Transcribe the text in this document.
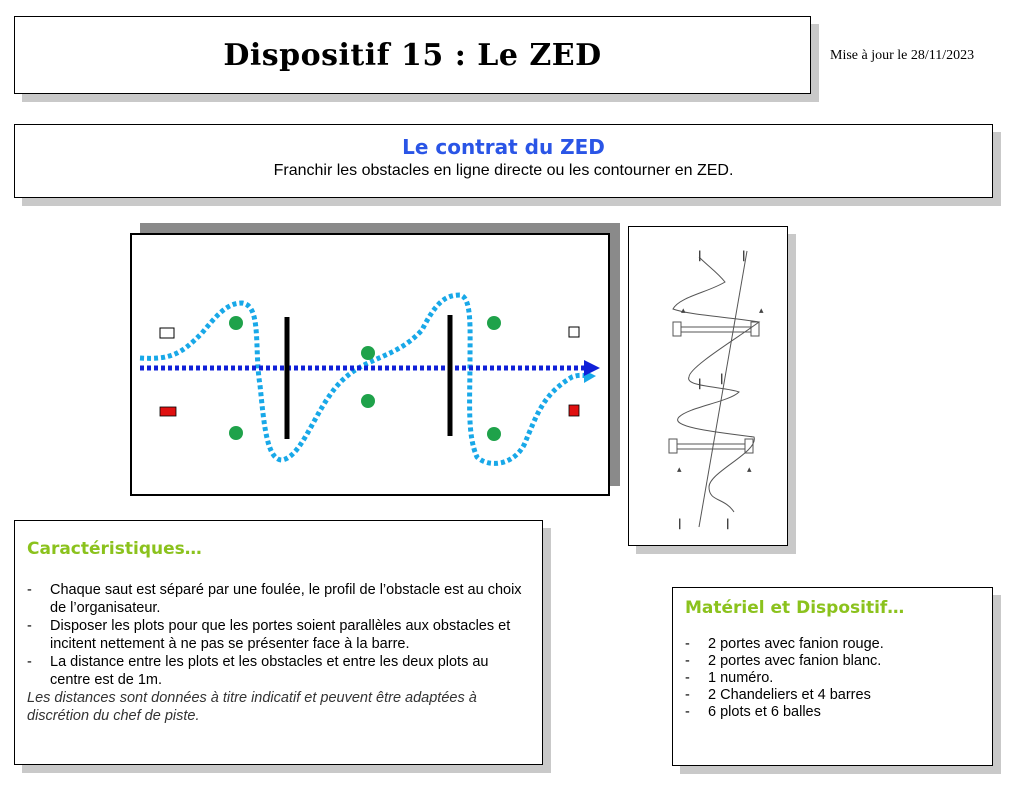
Dispositif 15 : Le ZED	Mise à jour le 28/11/2023
Le contrat du ZED
Franchir les obstacles en ligne directe ou les contourner en ZED.
┃	┃
▴	▴
┃ ┃
▴	▴
┃	┃
Caractéristiques…
- Chaque saut est séparé par une foulée, le profil de l’obstacle est au choix de l’organisateur.
- Disposer les plots pour que les portes soient parallèles aux obstacles et incitent nettement à ne pas se présenter face à la barre.
- La distance entre les plots et les obstacles et entre les deux plots au centre est de 1m.
Les distances sont données à titre indicatif et peuvent être adaptées à discrétion du chef de piste.
Matériel et Dispositif…
- 2 portes avec fanion rouge.
- 2 portes avec fanion blanc.
- 1 numéro.
- 2 Chandeliers et 4 barres
- 6 plots et 6 balles
